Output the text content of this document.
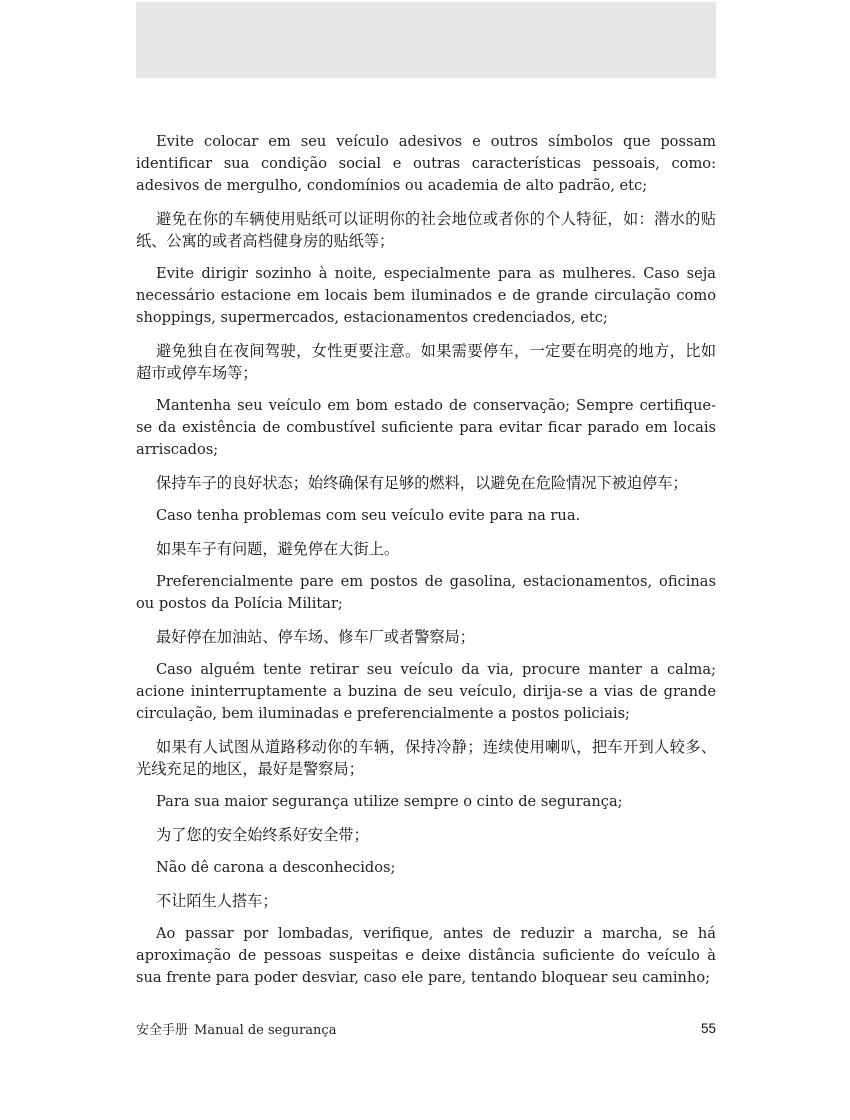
Evite colocar em seu veículo adesivos e outros símbolos que possam identificar sua condição social e outras características pessoais, como: adesivos de mergulho, condomínios ou academia de alto padrão, etc;

避免在你的车辆使用贴纸可以证明你的社会地位或者你的个人特征，如：潜水的贴纸、公寓的或者高档健身房的贴纸等；

Evite dirigir sozinho à noite, especialmente para as mulheres. Caso seja necessário estacione em locais bem iluminados e de grande circulação como shoppings, supermercados, estacionamentos credenciados, etc;

避免独自在夜间驾驶，女性更要注意。如果需要停车，一定要在明亮的地方，比如超市或停车场等；

Mantenha seu veículo em bom estado de conservação; Sempre certifique-se da existência de combustível suficiente para evitar ficar parado em locais arriscados;

保持车子的良好状态；始终确保有足够的燃料，以避免在危险情况下被迫停车；

Caso tenha problemas com seu veículo evite para na rua.

如果车子有问题，避免停在大街上。

Preferencialmente pare em postos de gasolina, estacionamentos, oficinas ou postos da Polícia Militar;

最好停在加油站、停车场、修车厂或者警察局；

Caso alguém tente retirar seu veículo da via, procure manter a calma; acione ininterruptamente a buzina de seu veículo, dirija-se a vias de grande circulação, bem iluminadas e preferencialmente a postos policiais;

如果有人试图从道路移动你的车辆，保持冷静；连续使用喇叭，把车开到人较多、光线充足的地区，最好是警察局；

Para sua maior segurança utilize sempre o cinto de segurança;

为了您的安全始终系好安全带；

Não dê carona a desconhecidos;

不让陌生人搭车；

Ao passar por lombadas, verifique, antes de reduzir a marcha, se há aproximação de pessoas suspeitas e deixe distância suficiente do veículo à sua frente para poder desviar, caso ele pare, tentando bloquear seu caminho;

安全手册 Manual de segurança	55
